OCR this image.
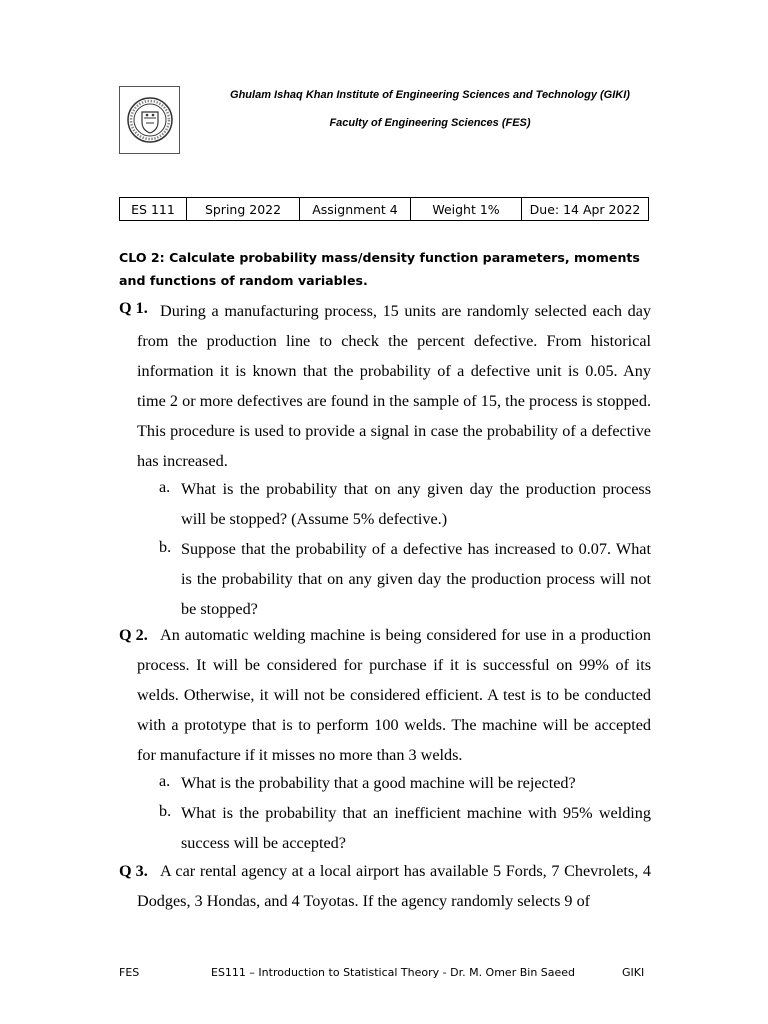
Ghulam Ishaq Khan Institute of Engineering Sciences and Technology (GIKI)
Faculty of Engineering Sciences (FES)
ES 111	Spring 2022	Assignment 4	Weight 1%	Due: 14 Apr 2022
CLO 2: Calculate probability mass/density function parameters, moments and functions of random variables.
Q 1. During a manufacturing process, 15 units are randomly selected each day from the production line to check the percent defective. From historical information it is known that the probability of a defective unit is 0.05. Any time 2 or more defectives are found in the sample of 15, the process is stopped. This procedure is used to provide a signal in case the probability of a defective has increased.
a. What is the probability that on any given day the production process will be stopped? (Assume 5% defective.)
b. Suppose that the probability of a defective has increased to 0.07. What is the probability that on any given day the production process will not be stopped?
Q 2. An automatic welding machine is being considered for use in a production process. It will be considered for purchase if it is successful on 99% of its welds. Otherwise, it will not be considered efficient. A test is to be conducted with a prototype that is to perform 100 welds. The machine will be accepted for manufacture if it misses no more than 3 welds.
a. What is the probability that a good machine will be rejected?
b. What is the probability that an inefficient machine with 95% welding success will be accepted?
Q 3. A car rental agency at a local airport has available 5 Fords, 7 Chevrolets, 4 Dodges, 3 Hondas, and 4 Toyotas. If the agency randomly selects 9 of
FES	ES111 – Introduction to Statistical Theory - Dr. M. Omer Bin Saeed	GIKI
